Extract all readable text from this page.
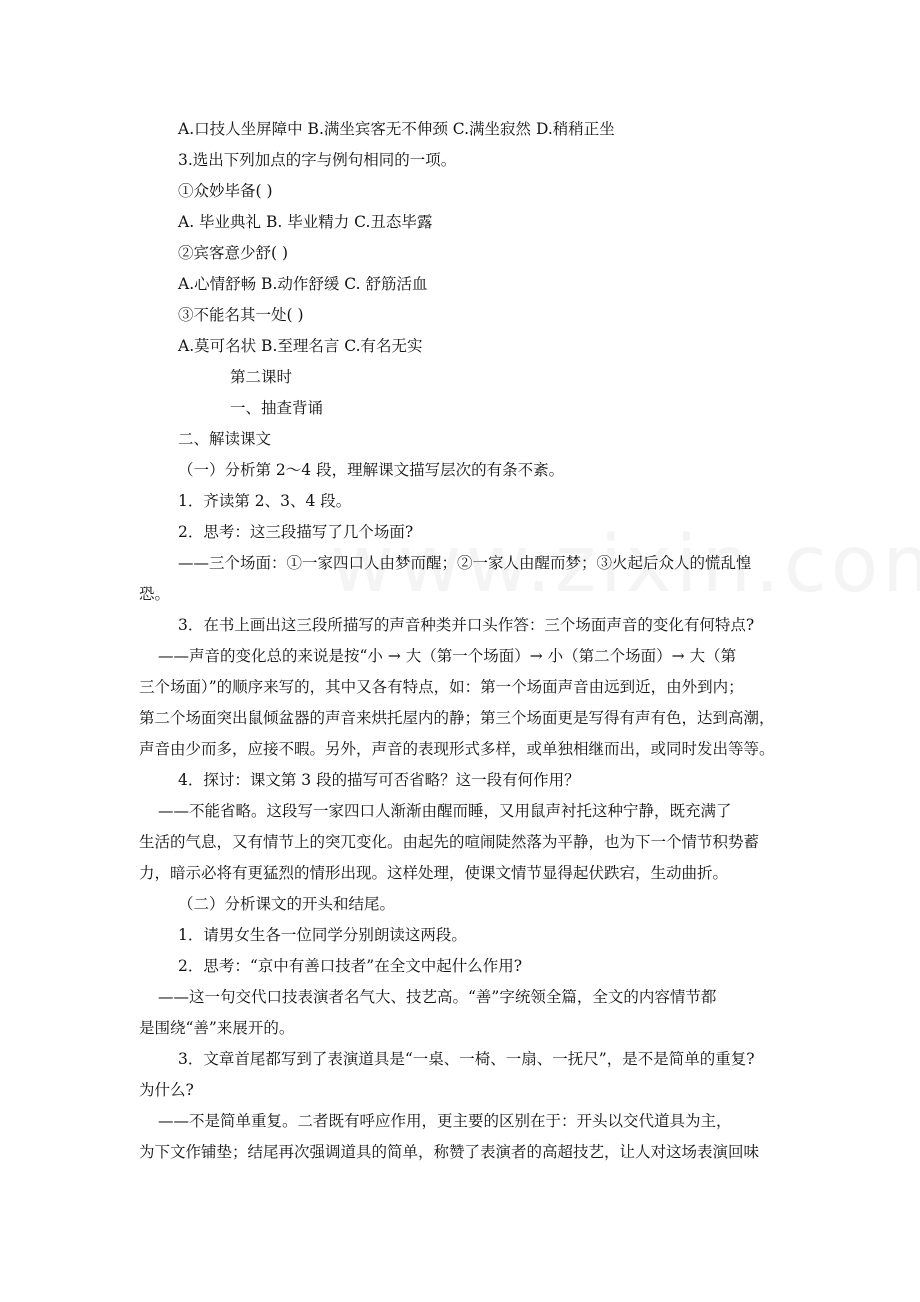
A.口技人坐屏障中 B.满坐宾客无不伸颈 C.满坐寂然 D.稍稍正坐
3.选出下列加点的字与例句相同的一项。
①众妙毕备( )
A. 毕业典礼 B. 毕业精力 C.丑态毕露
②宾客意少舒( )
A.心情舒畅 B.动作舒缓 C. 舒筋活血
③不能名其一处( )
A.莫可名状 B.至理名言 C.有名无实
第二课时
一、抽查背诵
二、解读课文
（一）分析第 2～4 段，理解课文描写层次的有条不紊。
1．齐读第 2、3、4 段。
2．思考：这三段描写了几个场面?
——三个场面：①一家四口人由梦而醒；②一家人由醒而梦；③火起后众人的慌乱惶
恐。
3．在书上画出这三段所描写的声音种类并口头作答：三个场面声音的变化有何特点?
——声音的变化总的来说是按“小 → 大（第一个场面）→ 小（第二个场面）→ 大（第
三个场面）”的顺序来写的，其中又各有特点，如：第一个场面声音由远到近，由外到内；
第二个场面突出鼠倾盆器的声音来烘托屋内的静；第三个场面更是写得有声有色，达到高潮，
声音由少而多，应接不暇。另外，声音的表现形式多样，或单独相继而出，或同时发出等等。
4．探讨：课文第 3 段的描写可否省略？这一段有何作用？
——不能省略。这段写一家四口人渐渐由醒而睡，又用鼠声衬托这种宁静，既充满了
生活的气息，又有情节上的突兀变化。由起先的喧闹陡然落为平静，也为下一个情节积势蓄
力，暗示必将有更猛烈的情形出现。这样处理，使课文情节显得起伏跌宕，生动曲折。
（二）分析课文的开头和结尾。
1．请男女生各一位同学分别朗读这两段。
2．思考：“京中有善口技者”在全文中起什么作用?
——这一句交代口技表演者名气大、技艺高。“善”字统领全篇，全文的内容情节都
是围绕“善”来展开的。
3．文章首尾都写到了表演道具是“一桌、一椅、一扇、一抚尺”，是不是简单的重复?
为什么?
——不是简单重复。二者既有呼应作用，更主要的区别在于：开头以交代道具为主，
为下文作铺垫；结尾再次强调道具的简单，称赞了表演者的高超技艺，让人对这场表演回味
